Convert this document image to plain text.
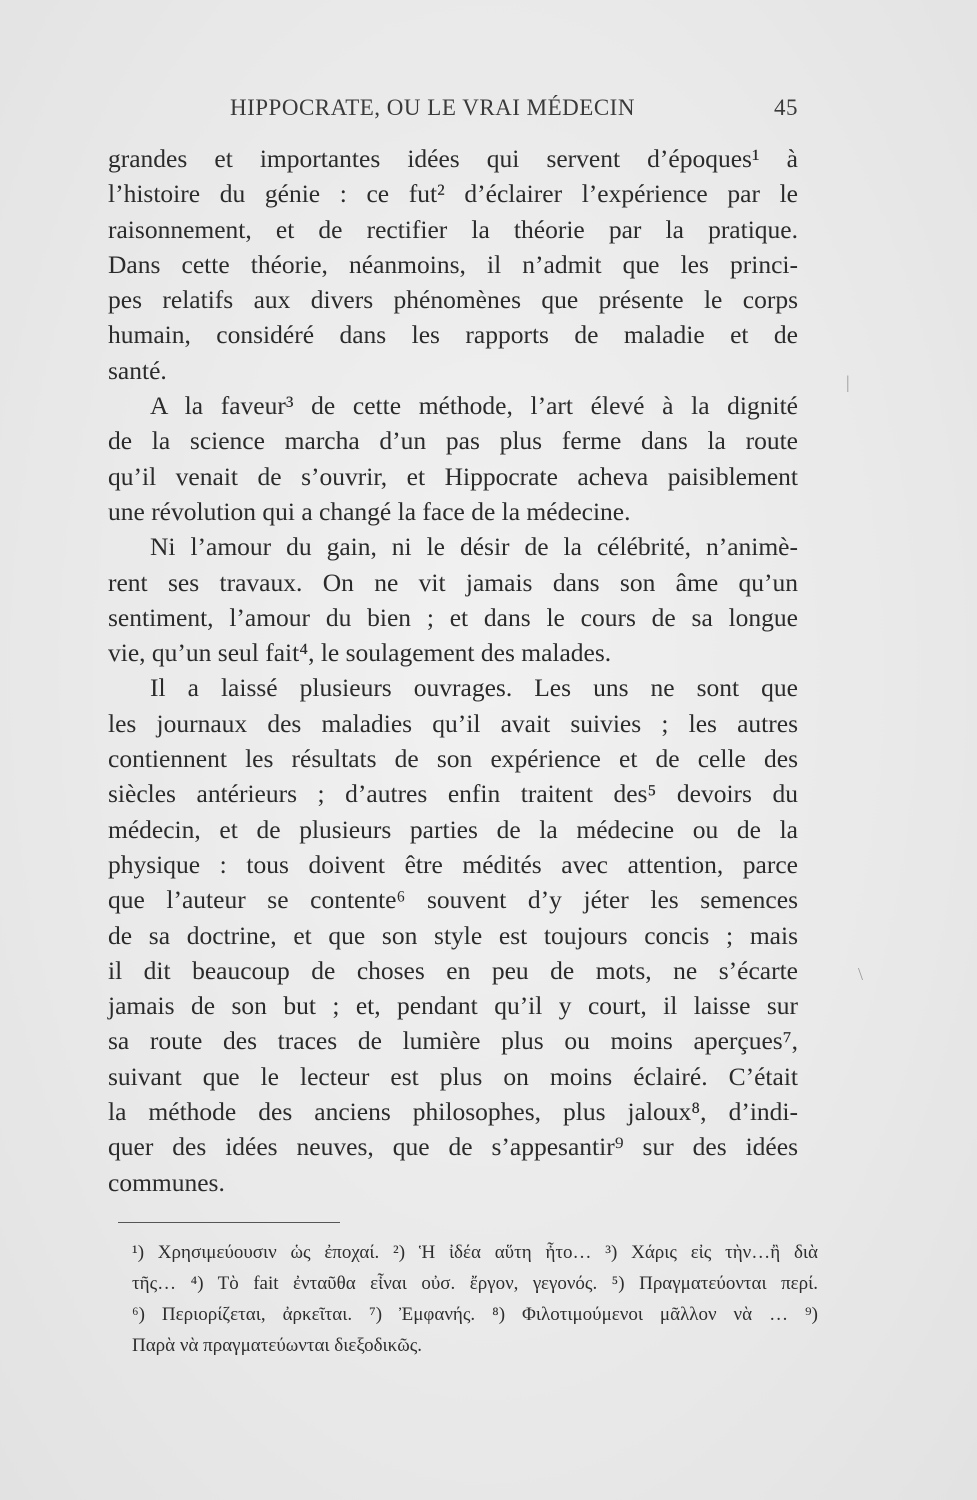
HIPPOCRATE, OU LE VRAI MÉDECIN	45
grandes et importantes idées qui servent d’époques¹ à
l’histoire du génie : ce fut² d’éclairer l’expérience par le
raisonnement, et de rectifier la théorie par la pratique.
Dans cette théorie, néanmoins, il n’admit que les princi-
pes relatifs aux divers phénomènes que présente le corps
humain, considéré dans les rapports de maladie et de
santé.
A la faveur³ de cette méthode, l’art élevé à la dignité
de la science marcha d’un pas plus ferme dans la route
qu’il venait de s’ouvrir, et Hippocrate acheva paisiblement
une révolution qui a changé la face de la médecine.
Ni l’amour du gain, ni le désir de la célébrité, n’animè-
rent ses travaux. On ne vit jamais dans son âme qu’un
sentiment, l’amour du bien ; et dans le cours de sa longue
vie, qu’un seul fait⁴, le soulagement des malades.
Il a laissé plusieurs ouvrages. Les uns ne sont que
les journaux des maladies qu’il avait suivies ; les autres
contiennent les résultats de son expérience et de celle des
siècles antérieurs ; d’autres enfin traitent des⁵ devoirs du
médecin, et de plusieurs parties de la médecine ou de la
physique : tous doivent être médités avec attention, parce
que l’auteur se contente⁶ souvent d’y jéter les semences
de sa doctrine, et que son style est toujours concis ; mais
il dit beaucoup de choses en peu de mots, ne s’écarte
jamais de son but ; et, pendant qu’il y court, il laisse sur
sa route des traces de lumière plus ou moins aperçues⁷,
suivant que le lecteur est plus on moins éclairé. C’était
la méthode des anciens philosophes, plus jaloux⁸, d’indi-
quer des idées neuves, que de s’appesantir⁹ sur des idées
communes.
¹) Χρησιμεύουσιν ὡς ἐποχαί. ²) Ἡ ἰδέα αὕτη ἦτο… ³) Χάρις εἰς τὴν…ἢ διὰ
τῆς… ⁴) Τὸ fait ἐνταῦθα εἶναι οὐσ. ἔργον, γεγονός. ⁵) Πραγματεύονται περί.
⁶) Περιορίζεται, ἀρκεῖται. ⁷) Ἐμφανής. ⁸) Φιλοτιμούμενοι μᾶλλον νὰ … ⁹)
Παρὰ νὰ πραγματεύωνται διεξοδικῶς.
|
\
